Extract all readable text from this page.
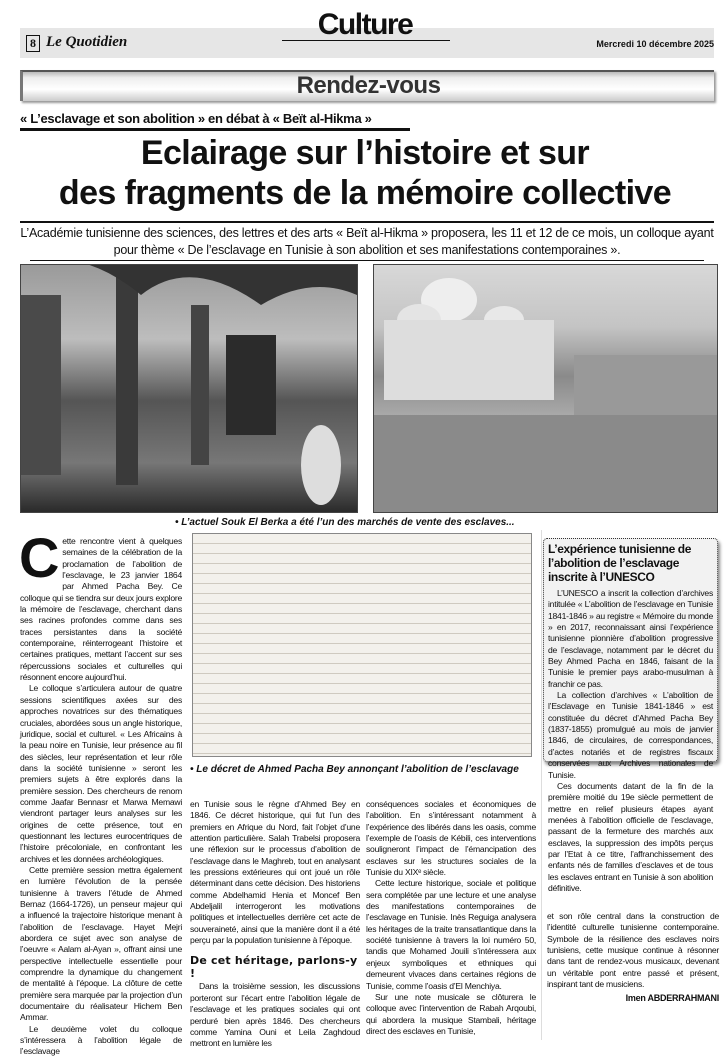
8 Le Quotidien
Culture
Mercredi 10 décembre 2025
Rendez-vous
« L’esclavage et son abolition » en débat à « Beït al-Hikma »
Eclairage sur l’histoire et sur
des fragments de la mémoire collective
L’Académie tunisienne des sciences, des lettres et des arts « Beït al-Hikma » proposera, les 11 et 12 de ce mois, un colloque ayant pour thème « De l’esclavage en Tunisie à son abolition et ses manifestations contemporaines ».
• L’actuel Souk El Berka a été l’un des marchés de vente des esclaves...
• Le décret de Ahmed Pacha Bey annonçant l’abolition de l’esclavage

Cette rencontre vient à quelques semaines de la célébration de la proclamation de l’abolition de l’esclavage, le 23 janvier 1864 par Ahmed Pacha Bey. Ce colloque qui se tiendra sur deux jours explore la mémoire de l’esclavage, cherchant dans ses racines profondes comme dans ses traces persistantes dans la société contemporaine, réinterrogeant l’histoire et certaines pratiques, mettant l’accent sur ses répercussions sociales et culturelles qui résonnent encore aujourd’hui.

Le colloque s’articulera autour de quatre sessions scientifiques axées sur des approches novatrices sur des thématiques cruciales, abordées sous un angle historique, juridique, social et culturel. « Les Africains à la peau noire en Tunisie, leur présence au fil des siècles, leur représentation et leur rôle dans la société tunisienne » seront les premiers sujets à être explorés dans la première session. Des chercheurs de renom comme Jaafar Bennasr et Marwa Memawi viendront partager leurs analyses sur les origines de cette présence, tout en questionnant les lectures eurocentriques de l’histoire précoloniale, en confrontant les archives et les données archéologiques.

Cette première session mettra également en lumière l’évolution de la pensée tunisienne à travers l’étude de Ahmed Bernaz (1664-1726), un penseur majeur qui a influencé la trajectoire historique menant à l’abolition de l’esclavage. Hayet Mejri abordera ce sujet avec son analyse de l’oeuvre « Aalam al-Ayan », offrant ainsi une perspective intellectuelle essentielle pour comprendre la dynamique du changement de mentalité à l’époque. La clôture de cette première sera marquée par la projection d’un documentaire du réalisateur Hichem Ben Ammar.

Le deuxième volet du colloque s’intéressera à l’abolition légale de l’esclavage

en Tunisie sous le règne d’Ahmed Bey en 1846. Ce décret historique, qui fut l’un des premiers en Afrique du Nord, fait l’objet d’une attention particulière. Salah Trabelsi proposera une réflexion sur le processus d’abolition de l’esclavage dans le Maghreb, tout en analysant les pressions extérieures qui ont joué un rôle déterminant dans cette décision. Des historiens comme Abdelhamid Henia et Moncef Ben Abdeljalil interrogeront les motivations politiques et intellectuelles derrière cet acte de souveraineté, ainsi que la manière dont il a été perçu par la population tunisienne à l’époque.

De cet héritage, parlons-y !

Dans la troisième session, les discussions porteront sur l’écart entre l’abolition légale de l’esclavage et les pratiques sociales qui ont perduré bien après 1846. Des chercheurs comme Yamina Ouni et Leila Zaghdoud mettront en lumière les

conséquences sociales et économiques de l’abolition. En s’intéressant notamment à l’expérience des libérés dans les oasis, comme l’exemple de l’oasis de Kébili, ces interventions souligneront l’impact de l’émancipation des esclaves sur les structures sociales de la Tunisie du XIXᵉ siècle.

Cette lecture historique, sociale et politique sera complétée par une lecture et une analyse des manifestations contemporaines de l’esclavage en Tunisie. Inès Reguiga analysera les héritages de la traite transatlantique dans la société tunisienne à travers la loi numéro 50, tandis que Mohamed Jouili s’intéressera aux enjeux symboliques et ethniques qui demeurent vivaces dans certaines régions de Tunisie, comme l’oasis d’El Menchiya.

Sur une note musicale se clôturera le colloque avec l’intervention de Rabah Arqoubi, qui abordera la musique Stambali, héritage direct des esclaves en Tunisie,

L’expérience tunisienne de l’abolition de l’esclavage inscrite à l’UNESCO

L’UNESCO a inscrit la collection d’archives intitulée « L’abolition de l’esclavage en Tunisie 1841-1846 » au registre « Mémoire du monde » en 2017, reconnaissant ainsi l’expérience tunisienne pionnière d’abolition progressive de l’esclavage, notamment par le décret du Bey Ahmed Pacha en 1846, faisant de la Tunisie le premier pays arabo-musulman à franchir ce pas.

La collection d’archives « L’abolition de l’Esclavage en Tunisie 1841-1846 » est constituée du décret d’Ahmed Pacha Bey (1837-1855) promulgué au mois de janvier 1846, de circulaires, de correspondances, d’actes notariés et de registres fiscaux conservées aux Archives nationales de Tunisie.

Ces documents datant de la fin de la première moitié du 19e siècle permettent de mettre en relief plusieurs étapes ayant menées à l’abolition officielle de l’esclavage, passant de la fermeture des marchés aux esclaves, la suppression des impôts perçus par l’Etat à ce titre, l’affranchissement des enfants nés de familles d’esclaves et de tous les esclaves entrant en Tunisie à son abolition définitive.

et son rôle central dans la construction de l’identité culturelle tunisienne contemporaine. Symbole de la résilience des esclaves noirs tunisiens, cette musique continue à résonner dans tant de rendez-vous musicaux, devenant un véritable pont entre passé et présent, inspirant tant de musiciens.

Imen ABDERRAHMANI
